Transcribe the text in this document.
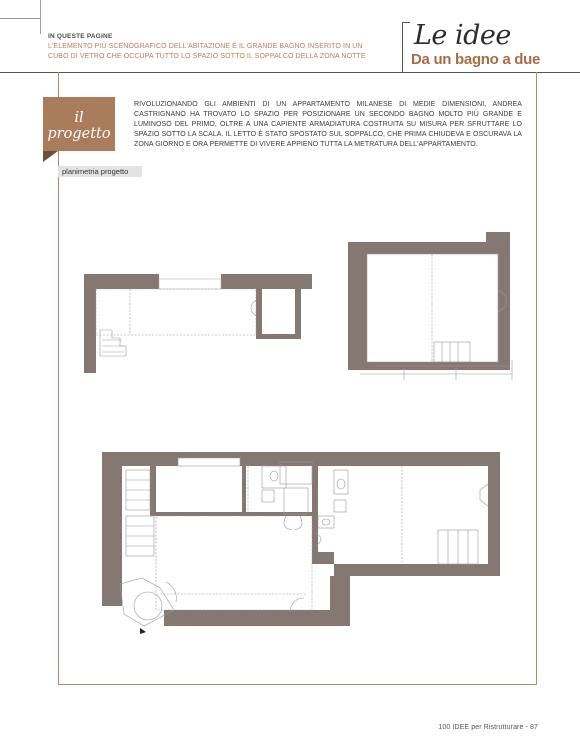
IN QUESTE PAGINE
L'ELEMENTO PIÙ SCENOGRAFICO DELL'ABITAZIONE È IL GRANDE BAGNO INSERITO IN UN CUBO DI VETRO CHE OCCUPA TUTTO LO SPAZIO SOTTO IL SOPPALCO DELLA ZONA NOTTE
Le idee
Da un bagno a due
il progetto
RIVOLUZIONANDO GLI AMBIENTI DI UN APPARTAMENTO MILANESE DI MEDIE DIMENSIONI, ANDREA CASTRIGNANO HA TROVATO LO SPAZIO PER POSIZIONARE UN SECONDO BAGNO MOLTO PIÙ GRANDE E LUMINOSO DEL PRIMO, OLTRE A UNA CAPIENTE ARMADIATURA COSTRUITA SU MISURA PER SFRUTTARE LO SPAZIO SOTTO LA SCALA. IL LETTO È STATO SPOSTATO SUL SOPPALCO, CHE PRIMA CHIUDEVA E OSCURAVA LA ZONA GIORNO E ORA PERMETTE DI VIVERE APPIENO TUTTA LA METRATURA DELL'APPARTAMENTO.
planimetria progetto
100 IDEE per Ristrutturare - 87
